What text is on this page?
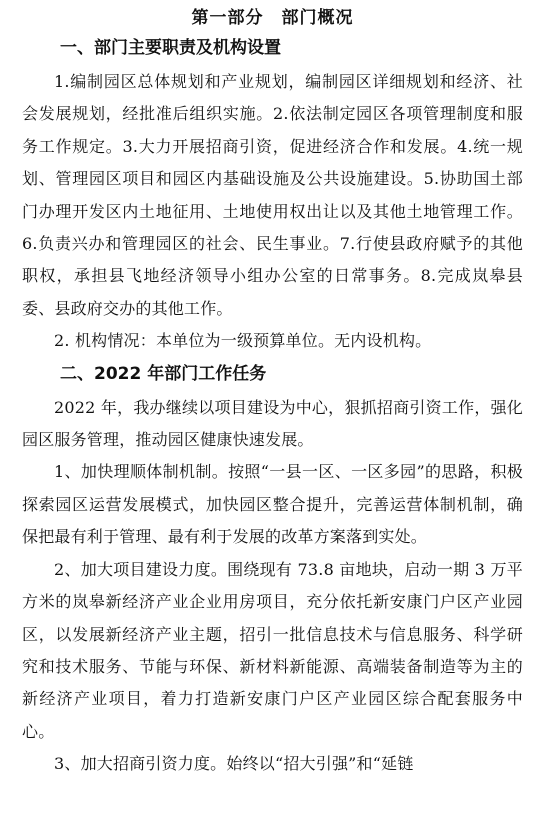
第一部分　部门概况
一、部门主要职责及机构设置

1.编制园区总体规划和产业规划，编制园区详细规划和经济、社会发展规划，经批准后组织实施。2.依法制定园区各项管理制度和服务工作规定。3.大力开展招商引资，促进经济合作和发展。4.统一规划、管理园区项目和园区内基础设施及公共设施建设。5.协助国土部门办理开发区内土地征用、土地使用权出让以及其他土地管理工作。6.负责兴办和管理园区的社会、民生事业。7.行使县政府赋予的其他职权，承担县飞地经济领导小组办公室的日常事务。8.完成岚皋县委、县政府交办的其他工作。

2. 机构情况：本单位为一级预算单位。无内设机构。

二、2022 年部门工作任务

2022 年，我办继续以项目建设为中心，狠抓招商引资工作，强化园区服务管理，推动园区健康快速发展。

1、加快理顺体制机制。按照“一县一区、一区多园”的思路，积极探索园区运营发展模式，加快园区整合提升，完善运营体制机制，确保把最有利于管理、最有利于发展的改革方案落到实处。

2、加大项目建设力度。围绕现有 73.8 亩地块，启动一期 3 万平方米的岚皋新经济产业企业用房项目，充分依托新安康门户区产业园区，以发展新经济产业主题，招引一批信息技术与信息服务、科学研究和技术服务、节能与环保、新材料新能源、高端装备制造等为主的新经济产业项目，着力打造新安康门户区产业园区综合配套服务中心。

3、加大招商引资力度。始终以“招大引强”和“延链
